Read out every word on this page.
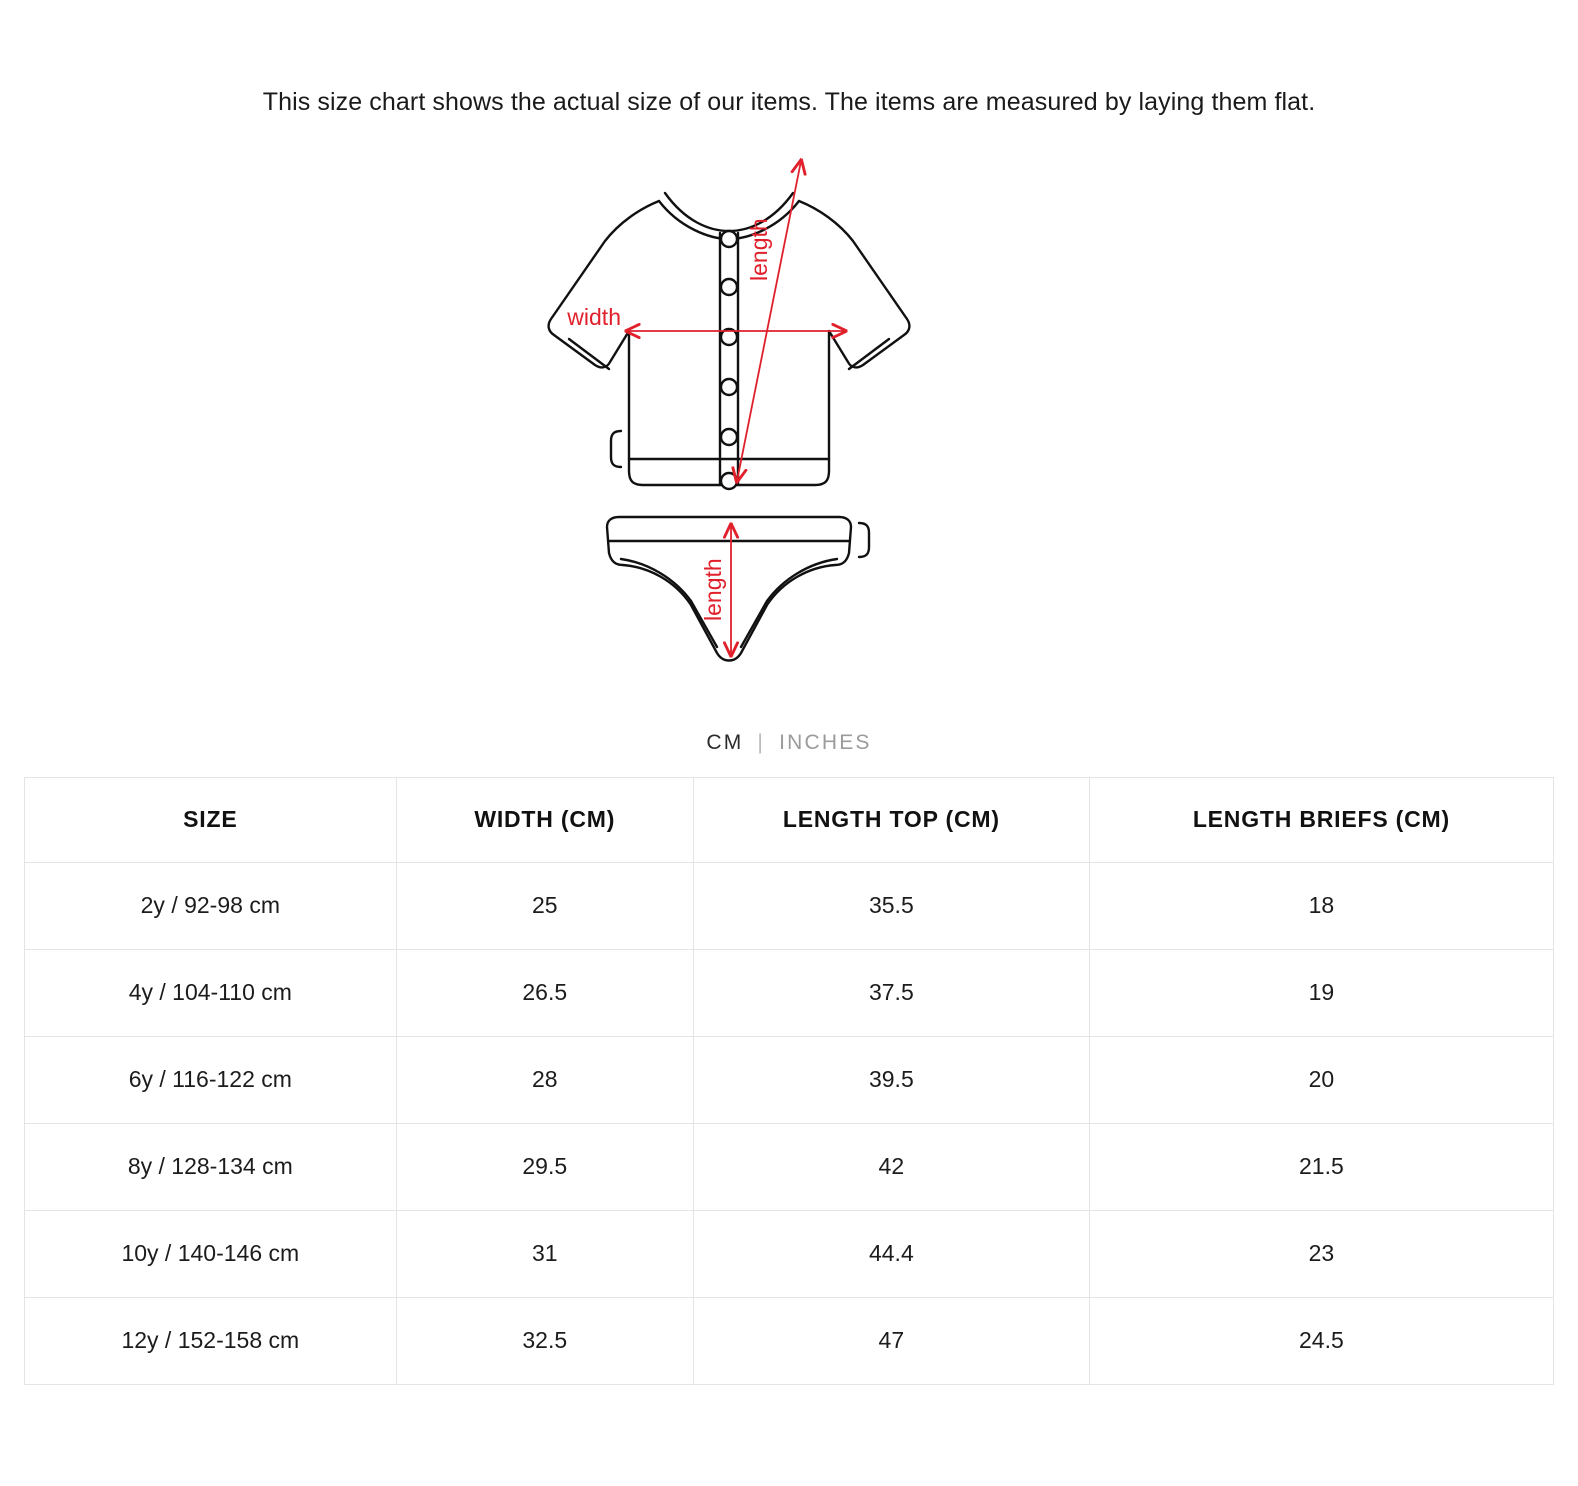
This size chart shows the actual size of our items. The items are measured by laying them flat.
width
length
length
CM | INCHES
SIZE	WIDTH (CM)	LENGTH TOP (CM)	LENGTH BRIEFS (CM)
2y / 92-98 cm	25	35.5	18
4y / 104-110 cm	26.5	37.5	19
6y / 116-122 cm	28	39.5	20
8y / 128-134 cm	29.5	42	21.5
10y / 140-146 cm	31	44.4	23
12y / 152-158 cm	32.5	47	24.5
